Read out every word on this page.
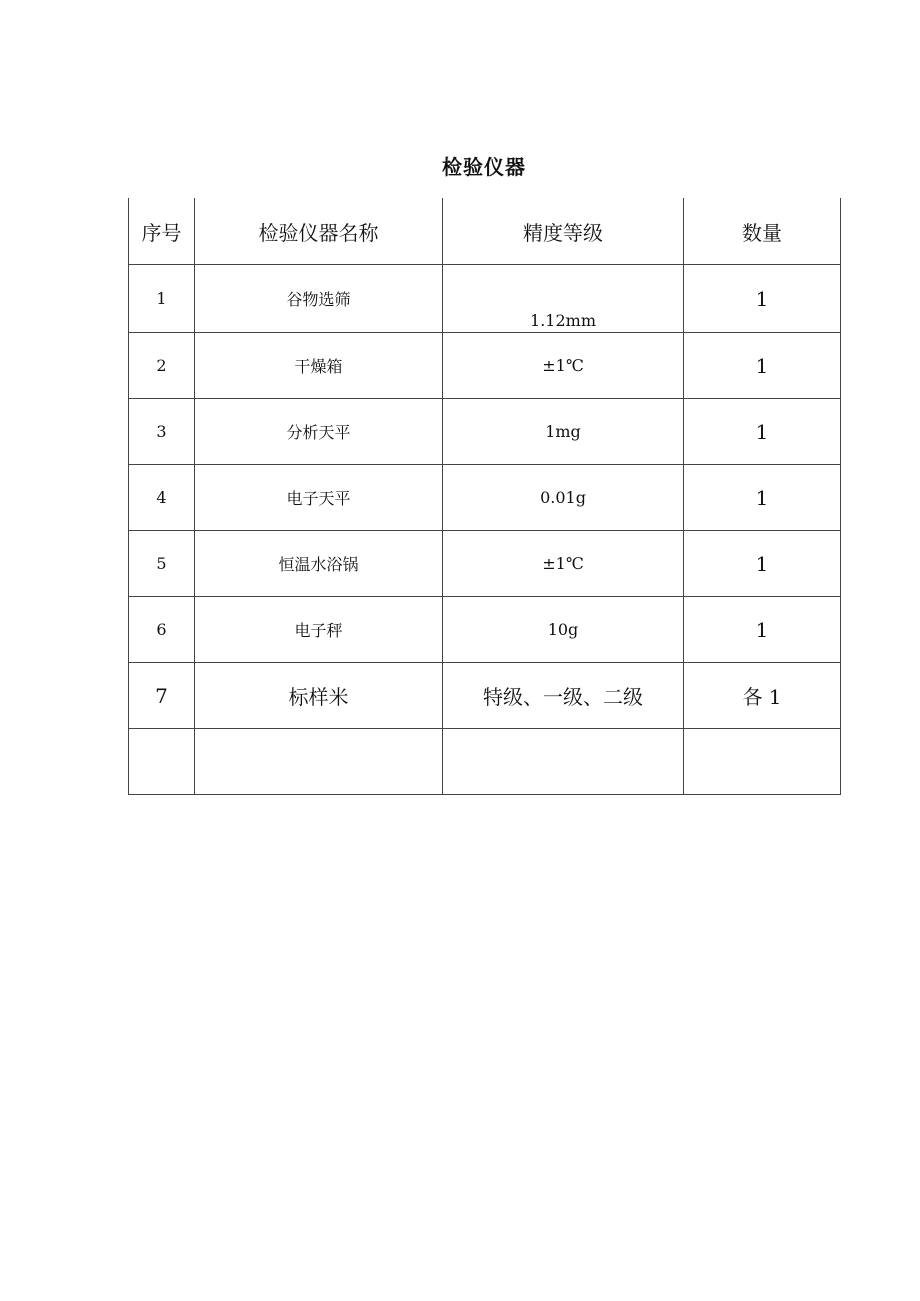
检验仪器
序号	检验仪器名称	精度等级	数量
1	谷物选筛	1.12mm	1
2	干燥箱	±1℃	1
3	分析天平	1mg	1
4	电子天平	0.01g	1
5	恒温水浴锅	±1℃	1
6	电子秤	10g	1
7	标样米	特级、一级、二级	各 1
